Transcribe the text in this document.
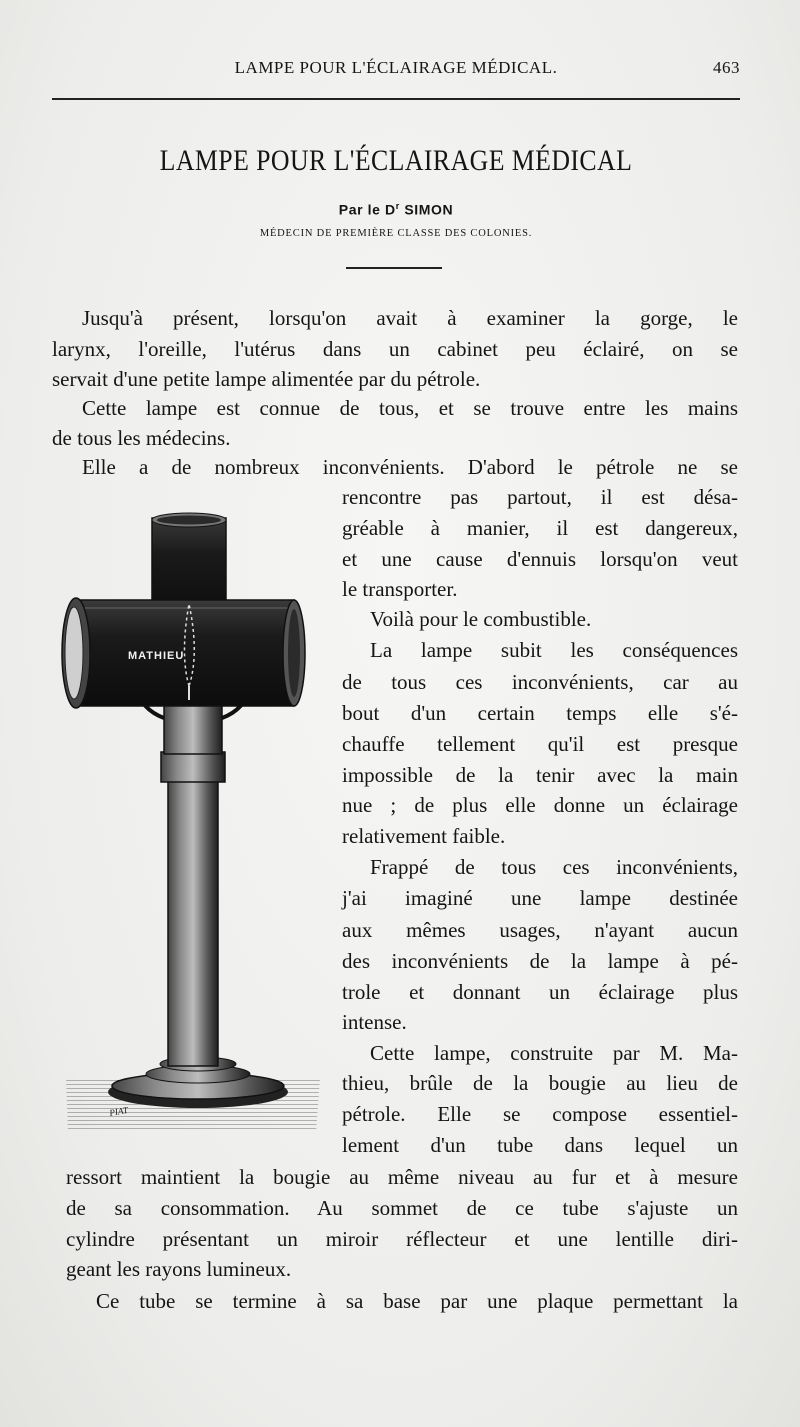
LAMPE POUR L'ÉCLAIRAGE MÉDICAL.	463
LAMPE POUR L'ÉCLAIRAGE MÉDICAL
Par le $D^r$ SIMON
MÉDECIN DE PREMIÈRE CLASSE DES COLONIES.
Jusqu'à présent, lorsqu'on avait à examiner la gorge, le
larynx, l'oreille, l'utérus dans un cabinet peu éclairé, on se
servait d'une petite lampe alimentée par du pétrole.
Cette lampe est connue de tous, et se trouve entre les mains
de tous les médecins.
Elle a de nombreux inconvénients. D'abord le pétrole ne se
rencontre pas partout, il est désa-
gréable à manier, il est dangereux,
et une cause d'ennuis lorsqu'on veut
le transporter.
Voilà pour le combustible.
La lampe subit les conséquences
de tous ces inconvénients, car au
bout d'un certain temps elle s'é-
chauffe tellement qu'il est presque
impossible de la tenir avec la main
nue ; de plus elle donne un éclairage
relativement faible.
Frappé de tous ces inconvénients,
j'ai imaginé une lampe destinée
aux mêmes usages, n'ayant aucun
des inconvénients de la lampe à pé-
trole et donnant un éclairage plus
intense.
Cette lampe, construite par M. Ma-
thieu, brûle de la bougie au lieu de
pétrole. Elle se compose essentiel-
lement d'un tube dans lequel un
ressort maintient la bougie au même niveau au fur et à mesure
de sa consommation. Au sommet de ce tube s'ajuste un
cylindre présentant un miroir réflecteur et une lentille diri-
geant les rayons lumineux.
Ce tube se termine à sa base par une plaque permettant la
MATHIEU
PIAT
